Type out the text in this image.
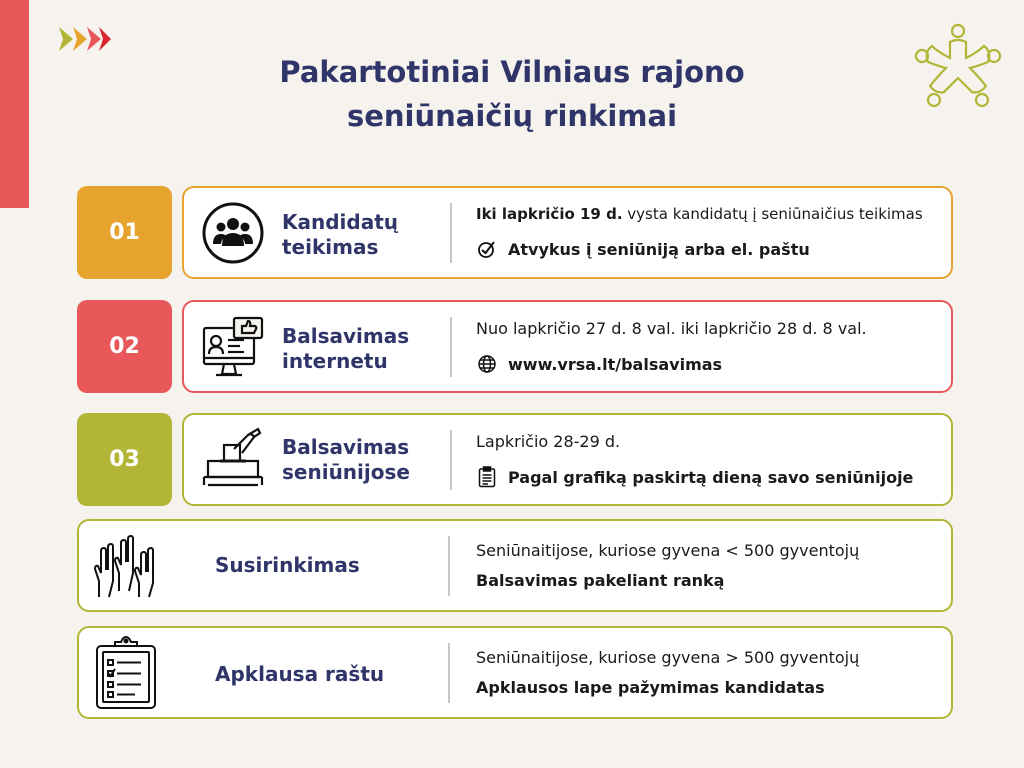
Pakartotiniai Vilniaus rajono
seniūnaičių rinkimai
01	Kandidatų
teikimas
Iki lapkričio 19 d. vysta kandidatų į seniūnaičius teikimas
Atvykus į seniūniją arba el. paštu
02	Balsavimas
internetu
Nuo lapkričio 27 d. 8 val. iki lapkričio 28 d. 8 val.
www.vrsa.lt/balsavimas
03	Balsavimas
seniūnijose
Lapkričio 28-29 d.
Pagal grafiką paskirtą dieną savo seniūnijoje
Susirinkimas
Seniūnaitijose, kuriose gyvena < 500 gyventojų
Balsavimas pakeliant ranką
Apklausa raštu
Seniūnaitijose, kuriose gyvena > 500 gyventojų
Apklausos lape pažymimas kandidatas
